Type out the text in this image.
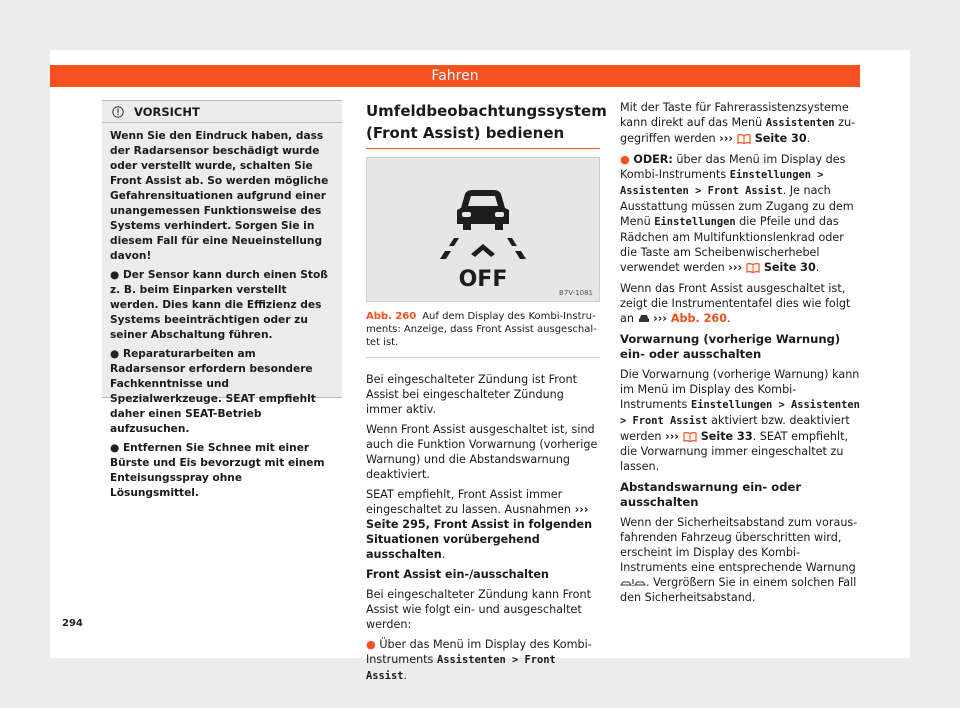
Fahren
VORSICHT

Wenn Sie den Eindruck haben, dass der Radarsensor beschädigt wurde oder verstellt wurde, schalten Sie Front Assist ab. So werden mögliche Gefahrensituationen aufgrund einer unangemessen Funktionsweise des Systems verhindert. Sorgen Sie in diesem Fall für eine Neueinstellung davon!

● Der Sensor kann durch einen Stoß z. B. beim Einparken verstellt werden. Dies kann die Effizienz des Systems beeinträchtigen oder zu seiner Abschaltung führen.

● Reparaturarbeiten am Radarsensor erfordern besondere Fachkenntnisse und Spezialwerkzeuge. SEAT empfiehlt daher einen SEAT-Betrieb aufzusuchen.

● Entfernen Sie Schnee mit einer Bürste und Eis bevorzugt mit einem Enteisungsspray ohne Lösungsmittel.

Umfeldbeobachtungssystem (Front Assist) bedienen
OFF
B7V-1081
Abb. 260 Auf dem Display des Kombi-Instruments: Anzeige, dass Front Assist ausgeschaltet ist.

Bei eingeschalteter Zündung ist Front Assist bei eingeschalteter Zündung immer aktiv.

Wenn Front Assist ausgeschaltet ist, sind auch die Funktion Vorwarnung (vorherige Warnung) und die Abstandswarnung deaktiviert.

SEAT empfiehlt, Front Assist immer eingeschaltet zu lassen. Ausnahmen ››› Seite 295, Front Assist in folgenden Situationen vorübergehend ausschalten.

Front Assist ein-/ausschalten

Bei eingeschalteter Zündung kann Front Assist wie folgt ein- und ausgeschaltet werden:

● Über das Menü im Display des Kombi-Instruments Assistenten > Front Assist.

Mit der Taste für Fahrerassistenzsysteme kann direkt auf das Menü Assistenten zugegriffen werden ›››  Seite 30.

● ODER: über das Menü im Display des Kombi-Instruments Einstellungen > Assistenten > Front Assist. Je nach Ausstattung müssen zum Zugang zu dem Menü Einstellungen die Pfeile und das Rädchen am Multifunktionslenkrad oder die Taste am Scheibenwischerhebel verwendet werden ›››  Seite 30.

Wenn das Front Assist ausgeschaltet ist, zeigt die Instrumententafel dies wie folgt an ››› Abb. 260.

Vorwarnung (vorherige Warnung) ein- oder ausschalten

Die Vorwarnung (vorherige Warnung) kann im Menü im Display des Kombi-Instruments Einstellungen > Assistenten > Front Assist aktiviert bzw. deaktiviert werden ›››  Seite 33. SEAT empfiehlt, die Vorwarnung immer eingeschaltet zu lassen.

Abstandswarnung ein- oder ausschalten

Wenn der Sicherheitsabstand zum vorausfahrenden Fahrzeug überschritten wird, erscheint im Display des Kombi-Instruments eine entsprechende Warnung . Vergrößern Sie in einem solchen Fall den Sicherheitsabstand.

294
